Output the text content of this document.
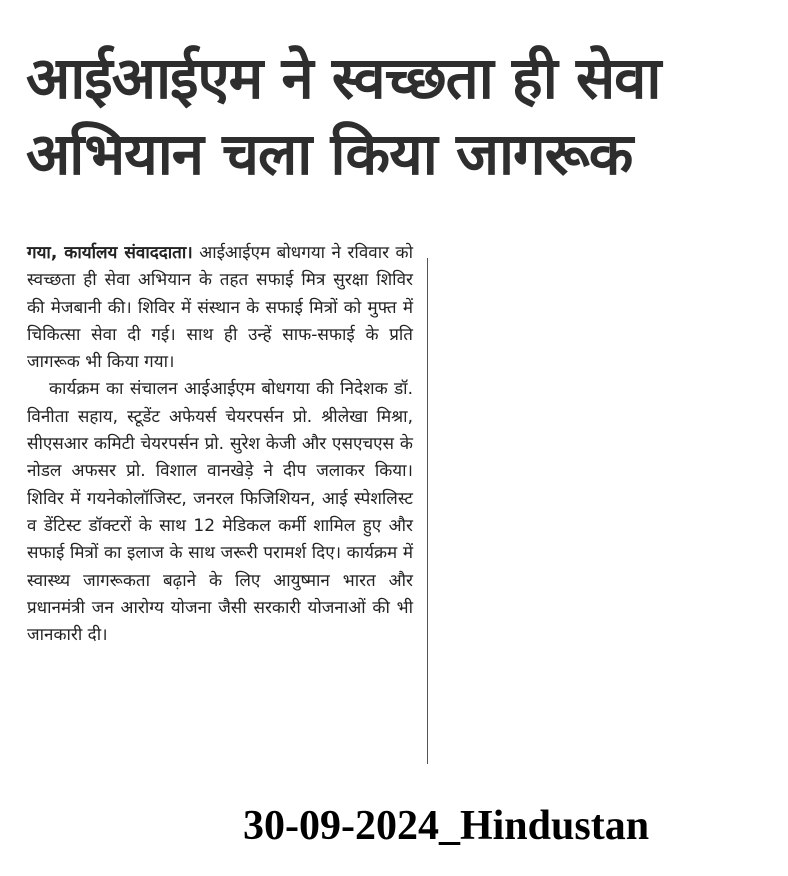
आईआईएम ने स्वच्छता ही सेवा
अभियान चला किया जागरूक

गया, कार्यालय संवाददाता। आईआईएम बोधगया ने रविवार को स्वच्छता ही सेवा अभियान के तहत सफाई मित्र सुरक्षा शिविर की मेजबानी की। शिविर में संस्थान के सफाई मित्रों को मुफ्त में चिकित्सा सेवा दी गई। साथ ही उन्हें साफ-सफाई के प्रति जागरूक भी किया गया।

कार्यक्रम का संचालन आईआईएम बोधगया की निदेशक डॉ. विनीता सहाय, स्टूडेंट अफेयर्स चेयरपर्सन प्रो. श्रीलेखा मिश्रा, सीएसआर कमिटी चेयरपर्सन प्रो. सुरेश केजी और एसएचएस के नोडल अफसर प्रो. विशाल वानखेड़े ने दीप जलाकर किया। शिविर में गयनेकोलॉजिस्ट, जनरल फिजिशियन, आई स्पेशलिस्ट व डेंटिस्ट डॉक्टरों के साथ 12 मेडिकल कर्मी शामिल हुए और सफाई मित्रों का इलाज के साथ जरूरी परामर्श दिए। कार्यक्रम में स्वास्थ्य जागरूकता बढ़ाने के लिए आयुष्मान भारत और प्रधानमंत्री जन आरोग्य योजना जैसी सरकारी योजनाओं की भी जानकारी दी।

30-09-2024_Hindustan
